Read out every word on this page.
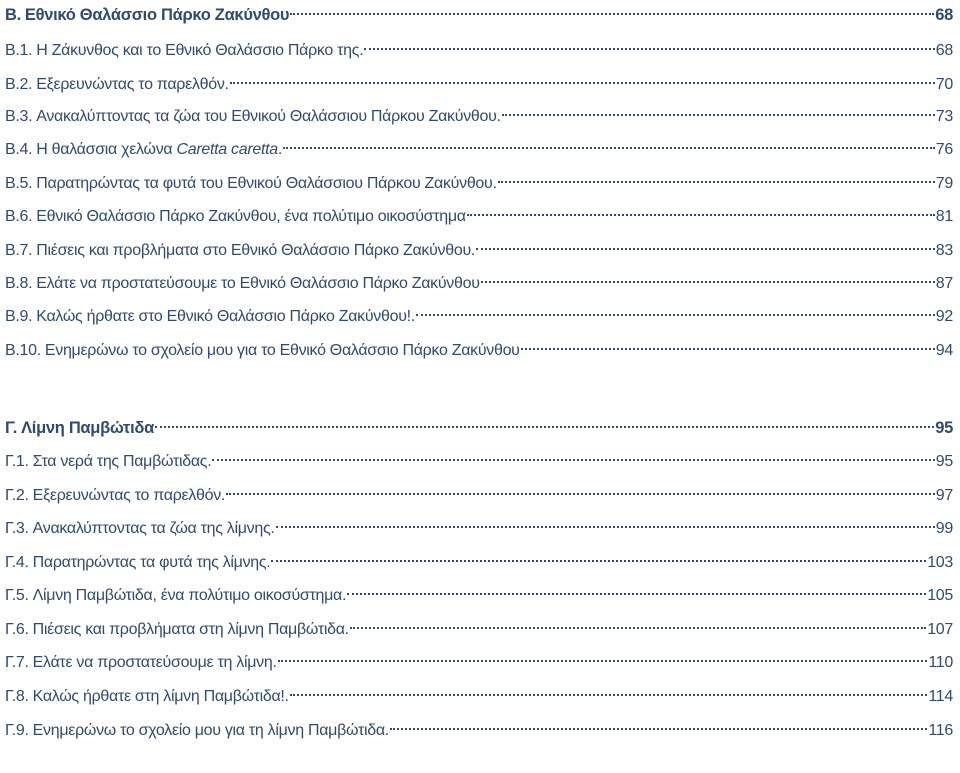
Β. Εθνικό Θαλάσσιο Πάρκο Ζακύνθου	68
Β.1. Η Ζάκυνθος και το Εθνικό Θαλάσσιο Πάρκο της.	68
Β.2. Εξερευνώντας το παρελθόν.	70
Β.3. Ανακαλύπτοντας τα ζώα του Εθνικού Θαλάσσιου Πάρκου Ζακύνθου.	73
Β.4. Η θαλάσσια χελώνα Caretta caretta.	76
Β.5. Παρατηρώντας τα φυτά του Εθνικού Θαλάσσιου Πάρκου Ζακύνθου.	79
Β.6. Εθνικό Θαλάσσιο Πάρκο Ζακύνθου, ένα πολύτιμο οικοσύστημα	81
Β.7. Πιέσεις και προβλήματα στο Εθνικό Θαλάσσιο Πάρκο Ζακύνθου.	83
Β.8. Ελάτε να προστατεύσουμε το Εθνικό Θαλάσσιο Πάρκο Ζακύνθου	87
Β.9. Καλώς ήρθατε στο Εθνικό Θαλάσσιο Πάρκο Ζακύνθου!.	92
Β.10. Ενημερώνω το σχολείο μου για το Εθνικό Θαλάσσιο Πάρκο Ζακύνθου	94
Γ. Λίμνη Παμβώτιδα	95
Γ.1. Στα νερά της Παμβώτιδας.	95
Γ.2. Εξερευνώντας το παρελθόν.	97
Γ.3. Ανακαλύπτοντας τα ζώα της λίμνης.	99
Γ.4. Παρατηρώντας τα φυτά της λίμνης.	103
Γ.5. Λίμνη Παμβώτιδα, ένα πολύτιμο οικοσύστημα.	105
Γ.6. Πιέσεις και προβλήματα στη λίμνη Παμβώτιδα.	107
Γ.7. Ελάτε να προστατεύσουμε τη λίμνη.	110
Γ.8. Καλώς ήρθατε στη λίμνη Παμβώτιδα!.	114
Γ.9. Ενημερώνω το σχολείο μου για τη λίμνη Παμβώτιδα.	116
